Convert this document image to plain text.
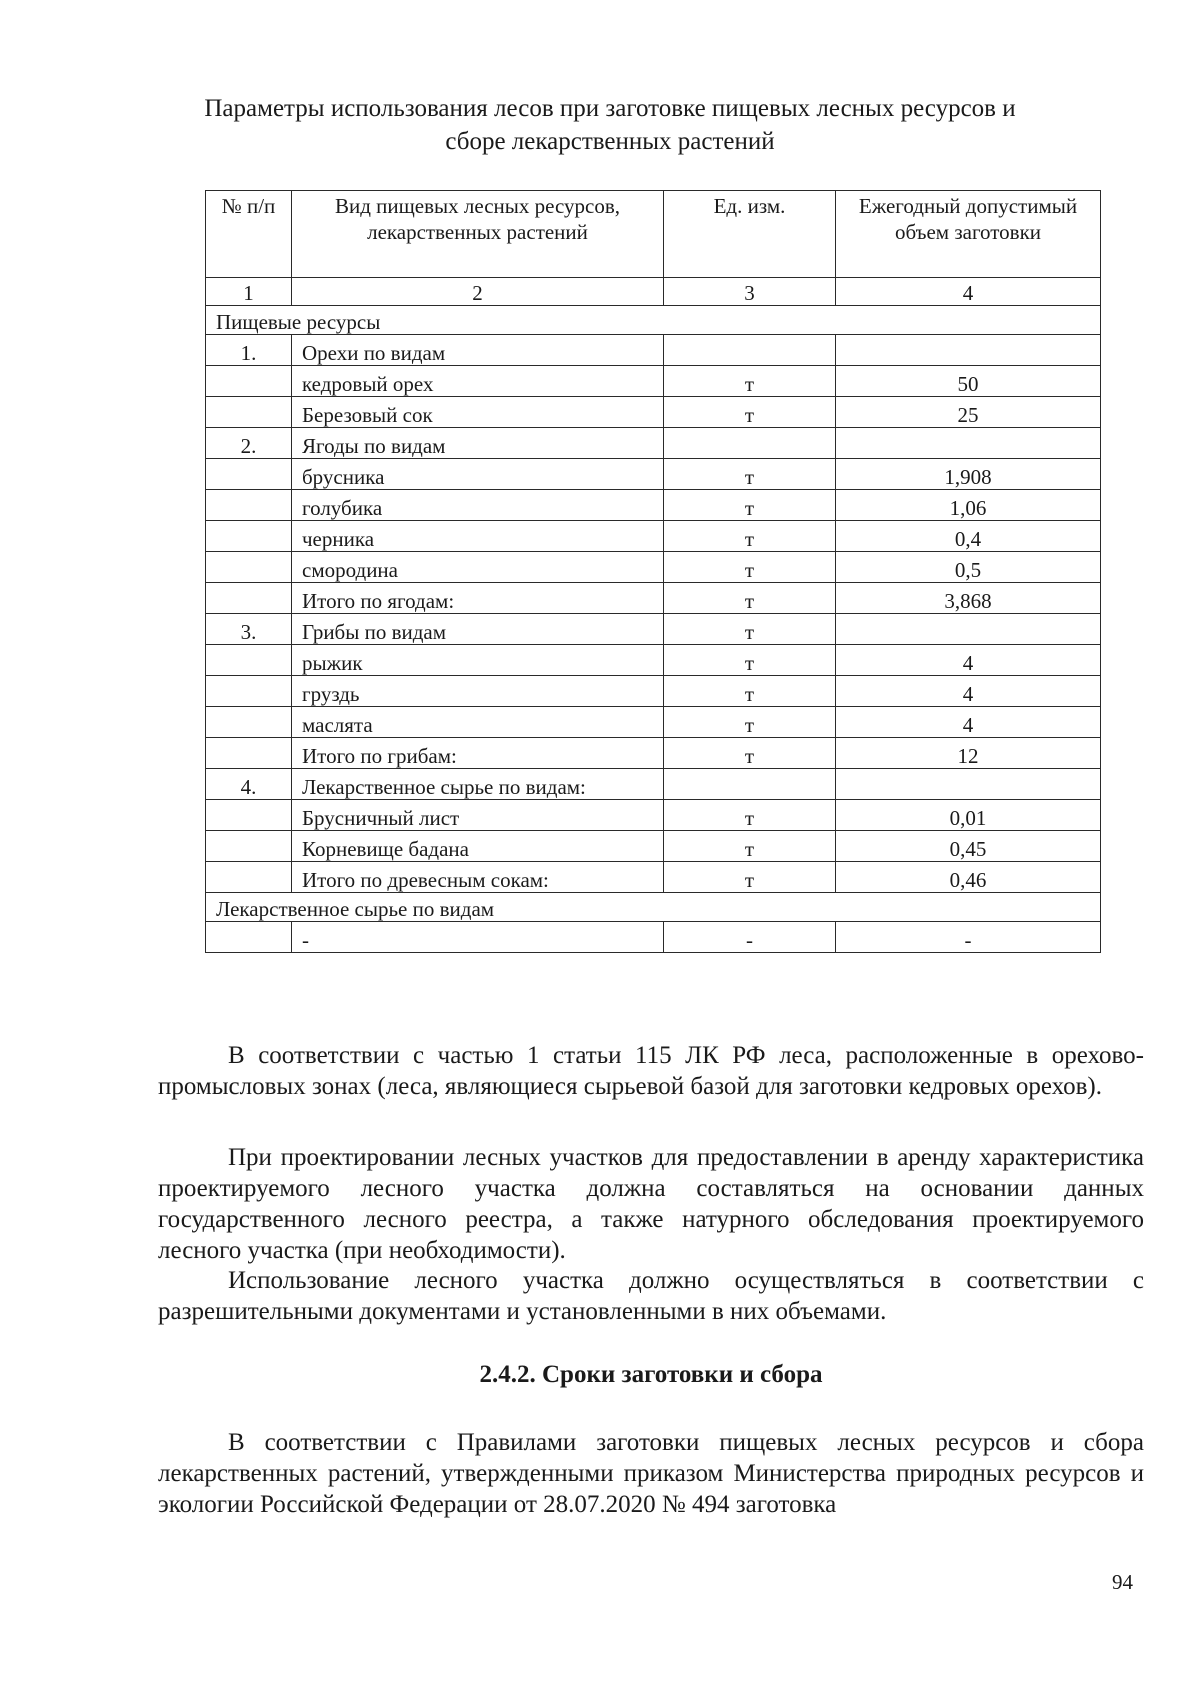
Параметры использования лесов при заготовке пищевых лесных ресурсов и сборе лекарственных растений
№ п/п	Вид пищевых лесных ресурсов, лекарственных растений	Ед. изм.	Ежегодный допустимый объем заготовки
1	2	3	4
Пищевые ресурсы			
1.	Орехи по видам		
	кедровый орех	т	50
	Березовый сок	т	25
2.	Ягоды по видам		
	брусника	т	1,908
	голубика	т	1,06
	черника	т	0,4
	смородина	т	0,5
	Итого по ягодам:	т	3,868
3.	Грибы по видам	т	
	рыжик	т	4
	груздь	т	4
	маслята	т	4
	Итого по грибам:	т	12
4.	Лекарственное сырье по видам:		
	Брусничный лист	т	0,01
	Корневище бадана	т	0,45
	Итого по древесным сокам:	т	0,46
Лекарственное сырье по видам			
	-	-	-
В соответствии с частью 1 статьи 115 ЛК РФ леса, расположенные в орехово-промысловых зонах (леса, являющиеся сырьевой базой для заготовки кедровых орехов).
При проектировании лесных участков для предоставлении в аренду характеристика проектируемого лесного участка должна составляться на основании данных государственного лесного реестра, а также натурного обследования проектируемого лесного участка (при необходимости).
Использование лесного участка должно осуществляться в соответствии с разрешительными документами и установленными в них объемами.
2.4.2. Сроки заготовки и сбора
В соответствии с Правилами заготовки пищевых лесных ресурсов и сбора лекарственных растений, утвержденными приказом Министерства природных ресурсов и экологии Российской Федерации от 28.07.2020 № 494 заготовка
94
